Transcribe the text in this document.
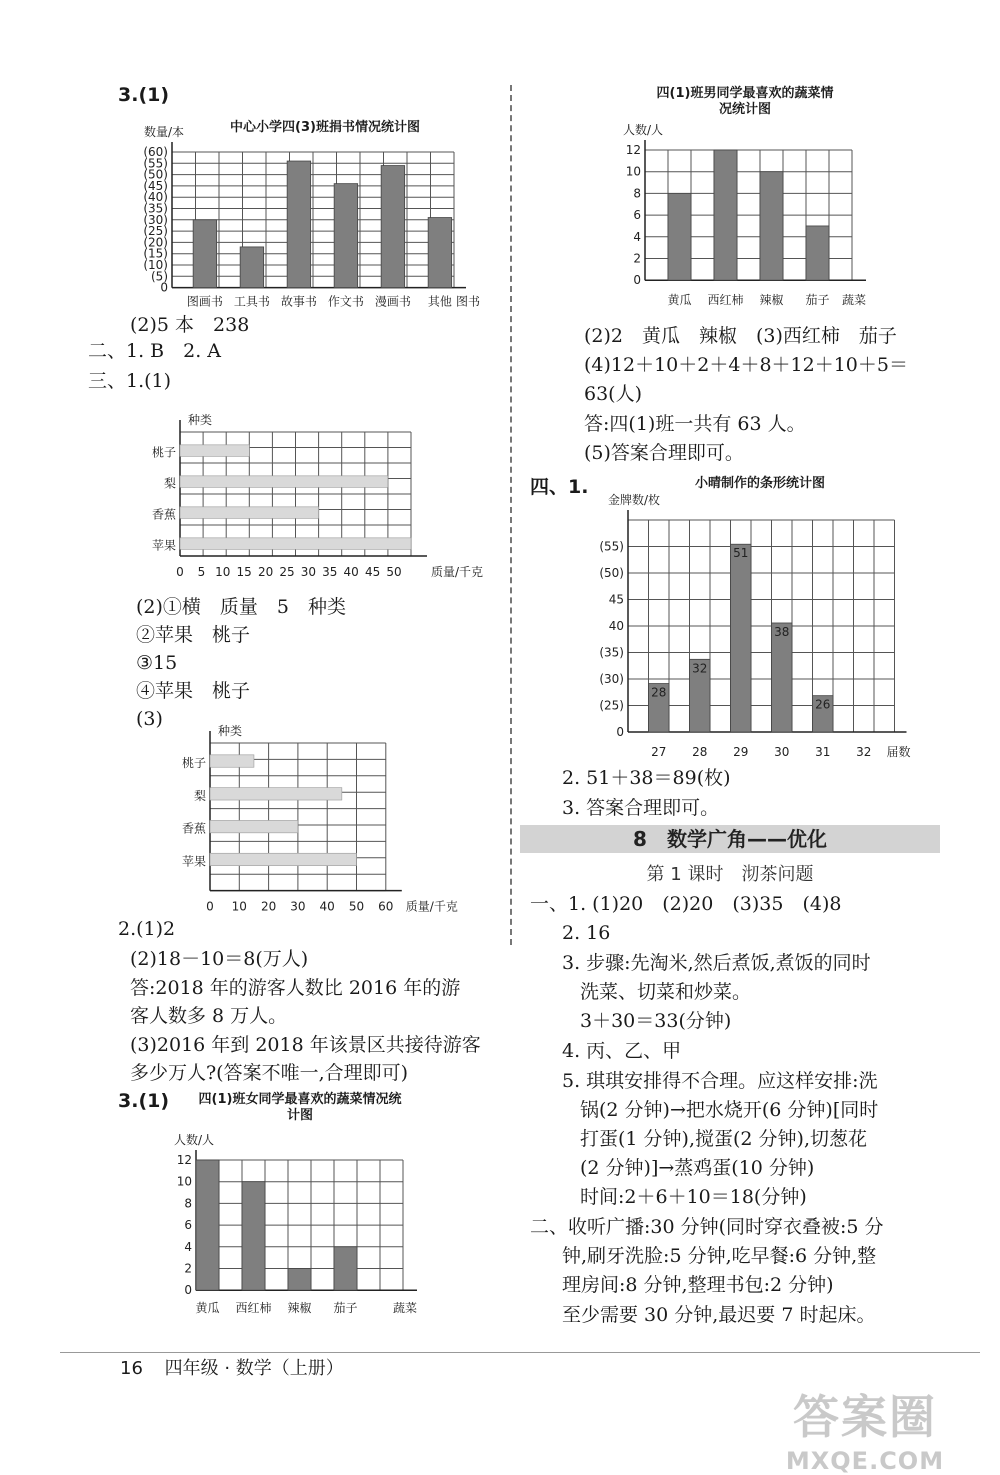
3.(1)
中心小学四(3)班捐书情况统计图
0
(5)
(10)
(15)
(20)
(25)
(30)
(35)
(40)
(45)
(50)
(55)
(60)
图画书 工具书 故事书 作文书 漫画书 其他 图书
数量/本
(2)5 本　238
二、1. B　2. A
三、1.(1)
桃子
梨
香蕉
苹果
0 5 10 15 20 25 30 35 40 45 50 质量/千克
种类
(2)①横　质量　5　种类
②苹果　桃子
③15
④苹果　桃子
(3)
桃子
梨
香蕉
苹果
0 10 20 30 40 50 60 质量/千克
种类
2.(1)2
(2)18－10＝8(万人)
答:2018 年的游客人数比 2016 年的游
客人数多 8 万人。
(3)2016 年到 2018 年该景区共接待游客
多少万人?(答案不唯一,合理即可)
3.(1) 四(1)班女同学最喜欢的蔬菜情况统计图
0
2
4
6
8
10
12
黄瓜 西红柿 辣椒 茄子	蔬菜
人数/人
四(1)班男同学最喜欢的蔬菜情况统计图
0
2
4
6
8
10
12
黄瓜 西红柿 辣椒 茄子 蔬菜
人数/人
(2)2　黄瓜　辣椒　(3)西红柿　茄子
(4)12＋10＋2＋4＋8＋12＋10＋5＝
63(人)
答:四(1)班一共有 63 人。
(5)答案合理即可。
四、1.	小晴制作的条形统计图
28
32
51
38
26
0
(25)
(30)
(35)
40
45
(50)
(55)
27 28 29 30 31 32 届数
金牌数/枚
2. 51＋38＝89(枚)
3. 答案合理即可。
8　数学广角——优化
第 1 课时　沏茶问题
一、1. (1)20　(2)20　(3)35　(4)8
2. 16
3. 步骤:先淘米,然后煮饭,煮饭的同时
洗菜、切菜和炒菜。
3＋30＝33(分钟)
4. 丙、乙、甲
5. 琪琪安排得不合理。应这样安排:洗
锅(2 分钟)→把水烧开(6 分钟)[同时
打蛋(1 分钟),搅蛋(2 分钟),切葱花
(2 分钟)]→蒸鸡蛋(10 分钟)
时间:2＋6＋10＝18(分钟)
二、收听广播:30 分钟(同时穿衣叠被:5 分
钟,刷牙洗脸:5 分钟,吃早餐:6 分钟,整
理房间:8 分钟,整理书包:2 分钟)
至少需要 30 分钟,最迟要 7 时起床。
16 四年级 · 数学（上册）
答案圈
MXQE.COM
